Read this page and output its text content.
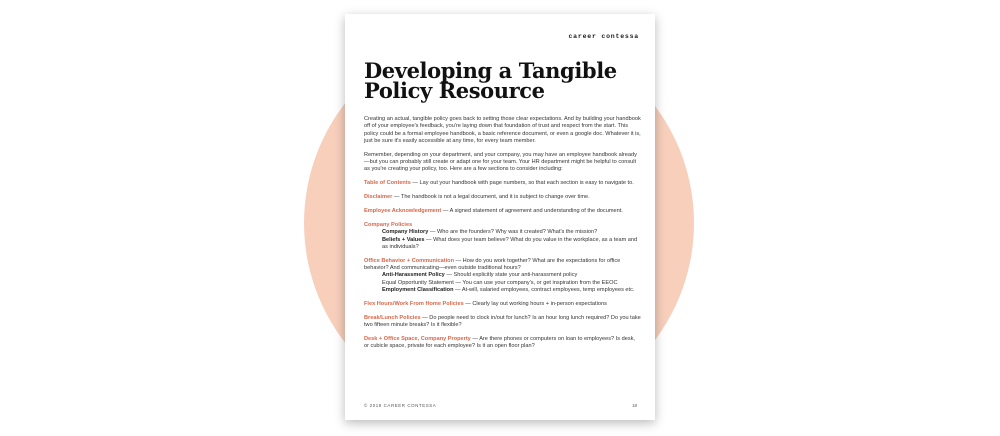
career contessa
Developing a Tangible Policy Resource

Creating an actual, tangible policy goes back to setting those clear expectations. And by building your handbook off of your employee's feedback, you're laying down that foundation of trust and respect from the start. This policy could be a formal employee handbook, a basic reference document, or even a google doc. Whatever it is, just be sure it's easily accessible at any time, for every team member.

Remember, depending on your department, and your company, you may have an employee handbook already—but you can probably still create or adapt one for your team. Your HR department might be helpful to consult as you're creating your policy, too. Here are a few sections to consider including:

Table of Contents — Lay out your handbook with page numbers, so that each section is easy to navigate to.

Disclaimer — The handbook is not a legal document, and it is subject to change over time.

Employee Acknowledgement — A signed statement of agreement and understanding of the document.

Company Policies
Company History — Who are the founders? Why was it created? What's the mission?
Beliefs + Values — What does your team believe? What do you value in the workplace, as a team and as individuals?
Office Behavior + Communication — How do you work together? What are the expectations for office behavior? And communicating—even outside traditional hours?
Anti-Harassment Policy — Should explicitly state your anti-harassment policy
Equal Opportunity Statement — You can use your company's, or get inspiration from the EEOC
Employment Classification — At-will, salaried employees, contract employees, temp employees etc.

Flex Hours/Work From Home Policies — Clearly lay out working hours + in-person expectations

Break/Lunch Policies — Do people need to clock in/out for lunch? Is an hour long lunch required? Do you take two fifteen minute breaks? Is it flexible?

Desk + Office Space, Company Property — Are there phones or computers on loan to employees? Is desk, or cubicle space, private for each employee? Is it an open floor plan?

© 2019 CAREER CONTESSA	18
